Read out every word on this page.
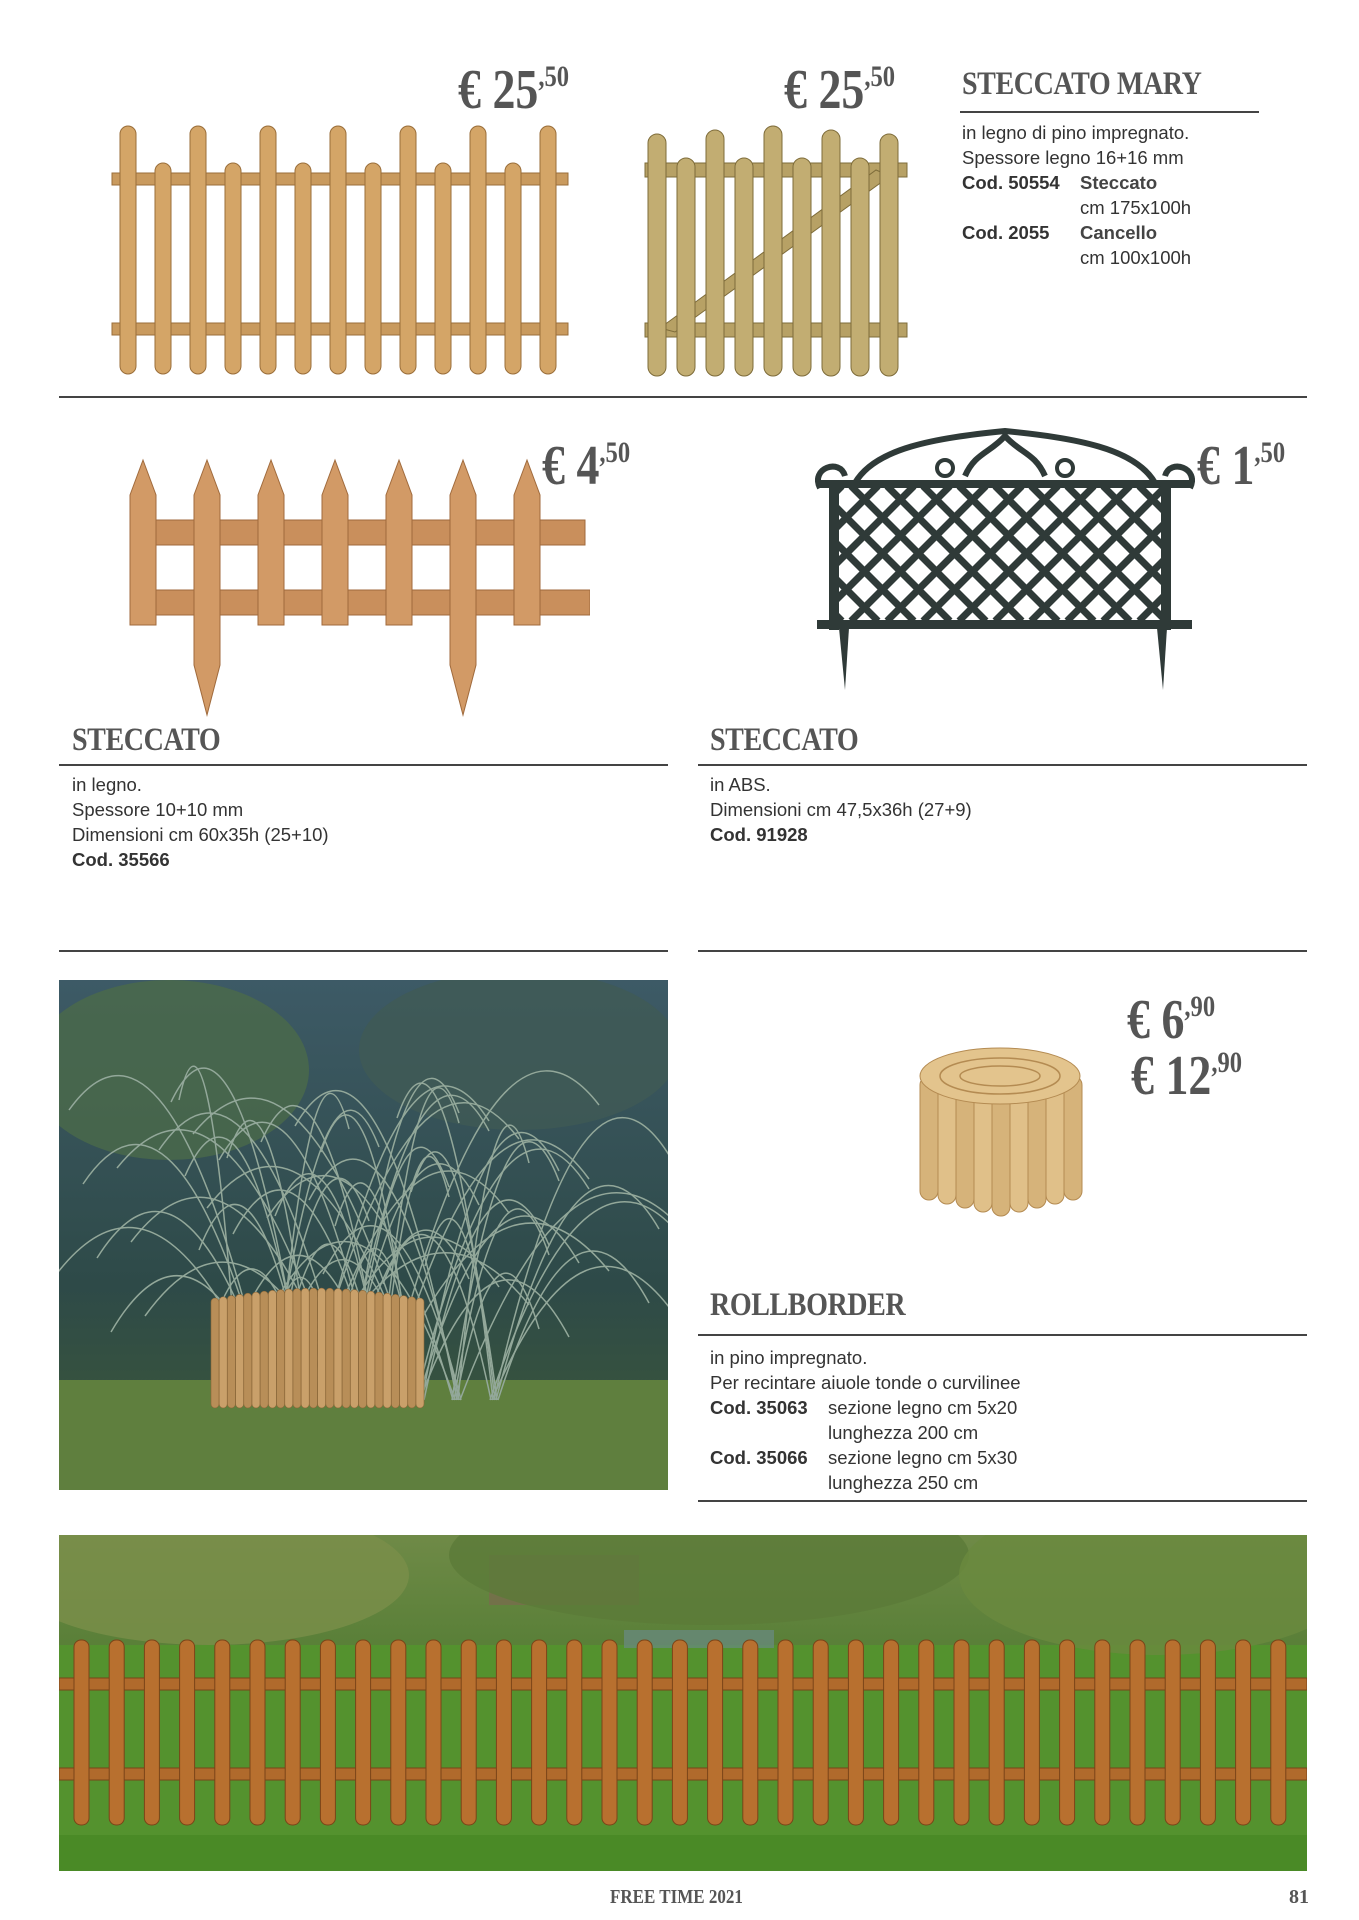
€ $25^{,50}$	€ $25^{,50}$ STECCATO MARY
in legno di pino impregnato.
Spessore legno 16+16 mm
Cod. 50554	Steccato
cm 175x100h
Cod. 2055	Cancello
cm 100x100h
€ $4^{,50}$
STECCATO
in legno.
Spessore 10+10 mm
Dimensioni cm 60x35h (25+10)
Cod. 35566
€ $1^{,50}$
STECCATO
in ABS.
Dimensioni cm 47,5x36h (27+9)
Cod. 91928
€ $6^{,90}$
€ $12^{,90}$
ROLLBORDER
in pino impregnato.
Per recintare aiuole tonde o curvilinee
Cod. 35063	sezione legno cm 5x20
lunghezza 200 cm
Cod. 35066	sezione legno cm 5x30
lunghezza 250 cm
FREE TIME 2021	81
